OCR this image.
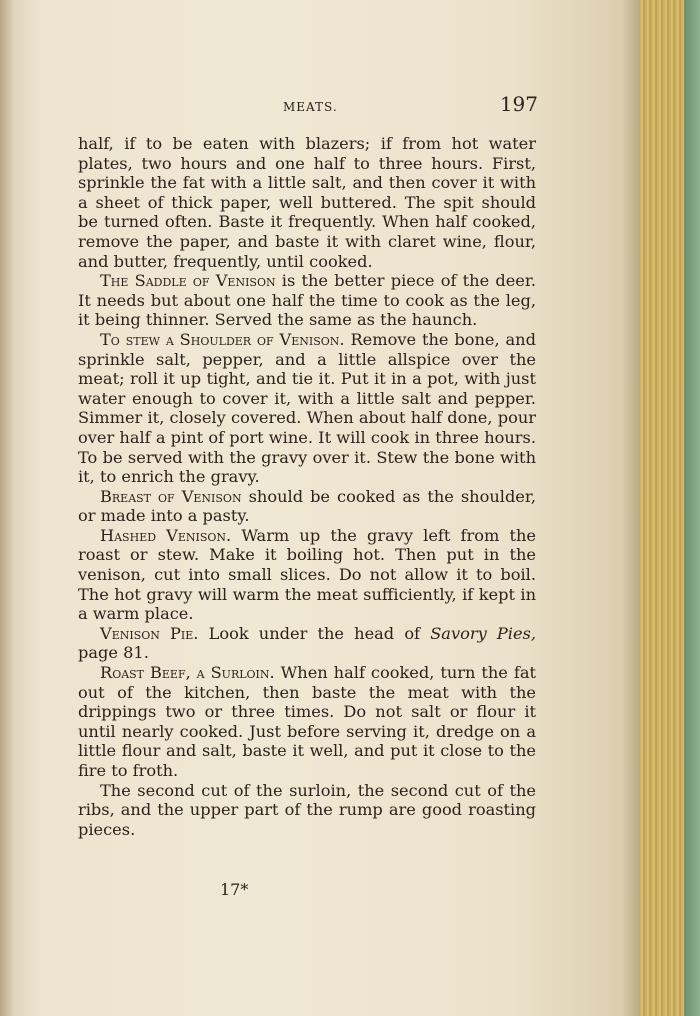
MEATS.	197

half, if to be eaten with blazers; if from hot water plates, two hours and one half to three hours. First, sprinkle the fat with a little salt, and then cover it with a sheet of thick paper, well buttered. The spit should be turned often. Baste it frequently. When half cooked, remove the paper, and baste it with claret wine, flour, and butter, frequently, until cooked.

The Saddle of Venison is the better piece of the deer. It needs but about one half the time to cook as the leg, it being thinner. Served the same as the haunch.

To stew a Shoulder of Venison. Remove the bone, and sprinkle salt, pepper, and a little allspice over the meat; roll it up tight, and tie it. Put it in a pot, with just water enough to cover it, with a little salt and pepper. Simmer it, closely covered. When about half done, pour over half a pint of port wine. It will cook in three hours. To be served with the gravy over it. Stew the bone with it, to enrich the gravy.

Breast of Venison should be cooked as the shoulder, or made into a pasty.

Hashed Venison. Warm up the gravy left from the roast or stew. Make it boiling hot. Then put in the venison, cut into small slices. Do not allow it to boil. The hot gravy will warm the meat sufficiently, if kept in a warm place.

Venison Pie. Look under the head of Savory Pies, page 81.

Roast Beef, a Surloin. When half cooked, turn the fat out of the kitchen, then baste the meat with the drippings two or three times. Do not salt or flour it until nearly cooked. Just before serving it, dredge on a little flour and salt, baste it well, and put it close to the fire to froth.

The second cut of the surloin, the second cut of the ribs, and the upper part of the rump are good roasting pieces.

17*
